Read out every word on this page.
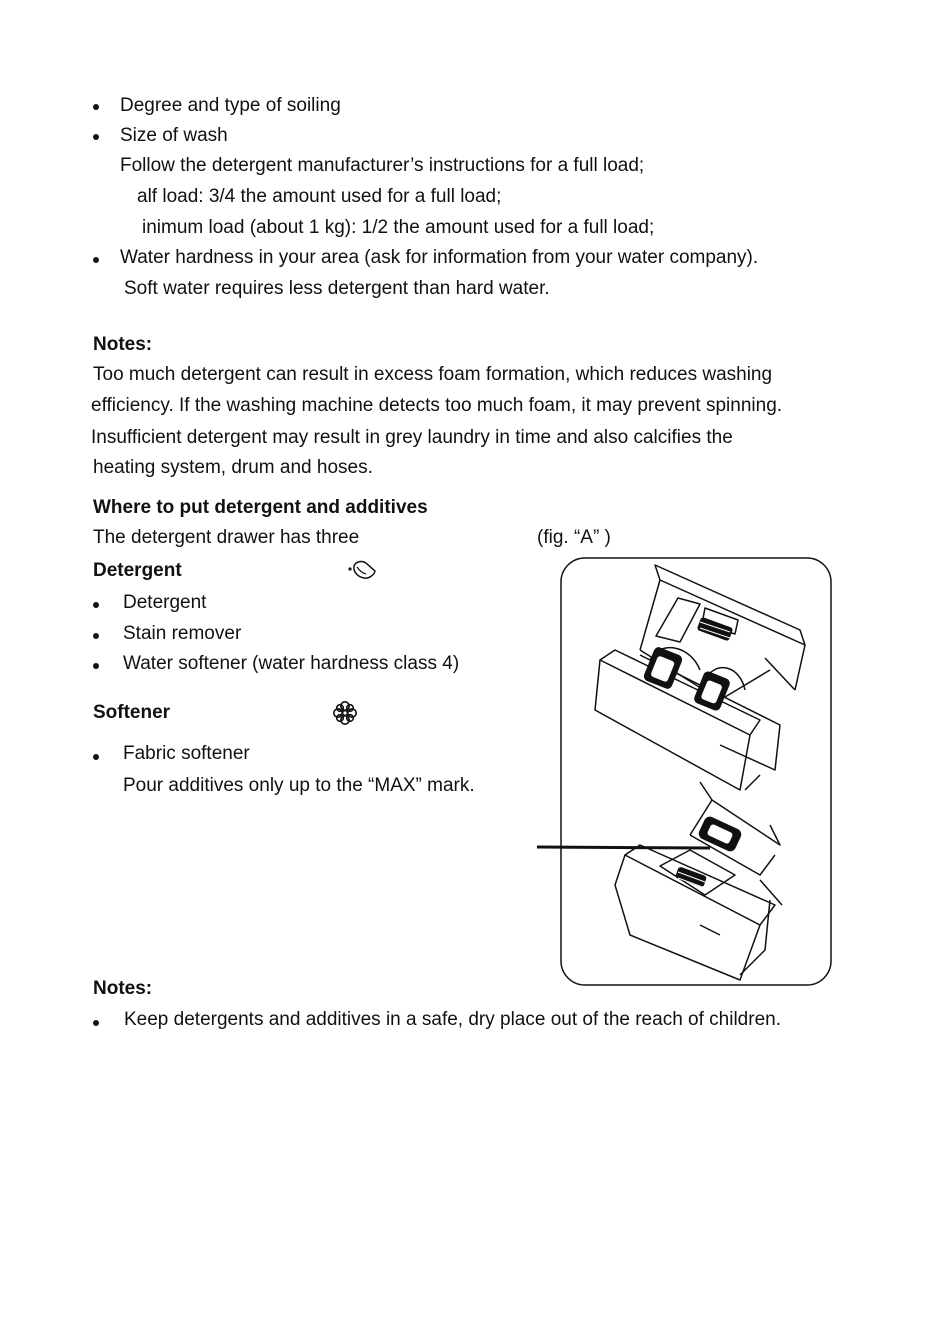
Degree and type of soiling
Size of wash
Follow the detergent manufacturer’s instructions for a full load;
alf load: 3/4 the amount used for a full load;
inimum load (about 1 kg): 1/2 the amount used for a full load;
Water hardness in your area (ask for information from your water company).
Soft water requires less detergent than hard water.
Notes:
Too much detergent can result in excess foam formation, which reduces washing
efficiency. If the washing machine detects too much foam, it may prevent spinning.
Insufficient detergent may result in grey laundry in time and also calcifies the
heating system, drum and hoses.
Where to put detergent and additives
The detergent drawer has three	(fig. “A” )
Detergent
Detergent
Stain remover
Water softener (water hardness class 4)
Softener
Fabric softener
Pour additives only up to the “MAX” mark.
Notes:
Keep detergents and additives in a safe, dry place out of the reach of children.
